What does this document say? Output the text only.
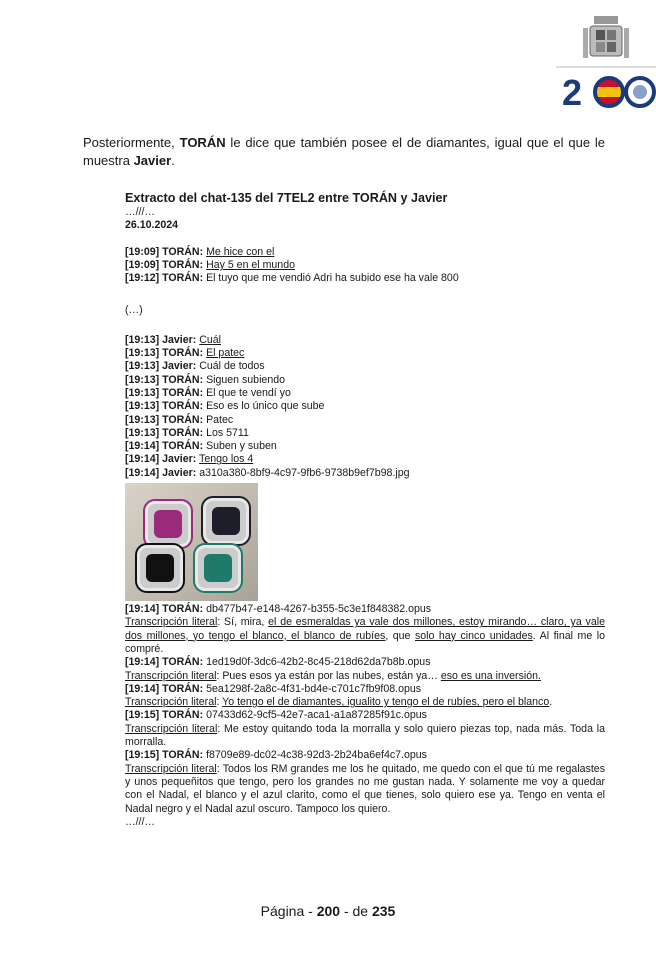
2
Posteriormente, TORÁN le dice que también posee el de diamantes, igual que el que le muestra Javier.
Extracto del chat-135 del 7TEL2 entre TORÁN y Javier
…///…
26.10.2024
[19:09] TORÁN: Me hice con el
[19:09] TORÁN: Hay 5 en el mundo
[19:12] TORÁN: El tuyo que me vendió Adri ha subido ese ha vale 800
(…)
[19:13] Javier: Cuál
[19:13] TORÁN: El patec
[19:13] Javier: Cuál de todos
[19:13] TORÁN: Siguen subiendo
[19:13] TORÁN: El que te vendí yo
[19:13] TORÁN: Eso es lo único que sube
[19:13] TORÁN: Patec
[19:13] TORÁN: Los 5711
[19:14] TORÁN: Suben y suben
[19:14] Javier: Tengo los 4
[19:14] Javier: a310a380-8bf9-4c97-9fb6-9738b9ef7b98.jpg
[19:14] TORÁN: db477b47-e148-4267-b355-5c3e1f848382.opus
Transcripción literal: Sí, mira, el de esmeraldas ya vale dos millones, estoy mirando… claro, ya vale dos millones, yo tengo el blanco, el blanco de rubíes, que solo hay cinco unidades. Al final me lo compré.
[19:14] TORÁN: 1ed19d0f-3dc6-42b2-8c45-218d62da7b8b.opus
Transcripción literal: Pues esos ya están por las nubes, están ya… eso es una inversión.
[19:14] TORÁN: 5ea1298f-2a8c-4f31-bd4e-c701c7fb9f08.opus
Transcripción literal: Yo tengo el de diamantes, igualito y tengo el de rubíes, pero el blanco.
[19:15] TORÁN: 07433d62-9cf5-42e7-aca1-a1a87285f91c.opus
Transcripción literal: Me estoy quitando toda la morralla y solo quiero piezas top, nada más. Toda la morralla.
[19:15] TORÁN: f8709e89-dc02-4c38-92d3-2b24ba6ef4c7.opus
Transcripción literal: Todos los RM grandes me los he quitado, me quedo con el que tú me regalastes y unos pequeñitos que tengo, pero los grandes no me gustan nada. Y solamente me voy a quedar con el Nadal, el blanco y el azul clarito, como el que tienes, solo quiero ese ya. Tengo en venta el Nadal negro y el Nadal azul oscuro. Tampoco los quiero.
…///…
Página - 200 - de 235
